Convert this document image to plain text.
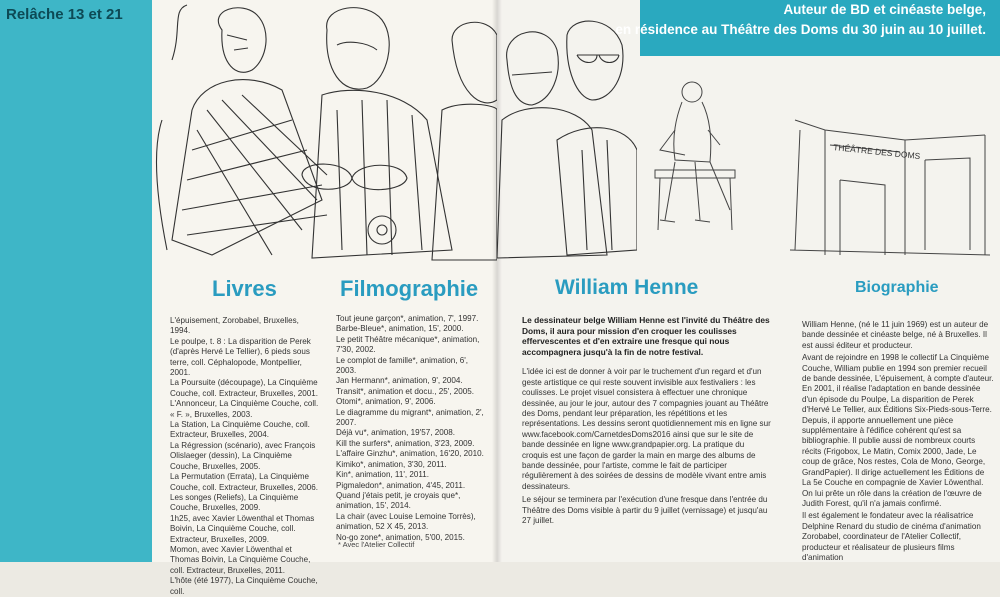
Relâche 13 et 21
THÉÂTRE DES DOMS
Auteur de BD et cinéaste belge,
en résidence au Théâtre des Doms du 30 juin au 10 juillet.
Livres
L'épuisement, Zorobabel, Bruxelles, 1994.
Le poulpe, t. 8 : La disparition de Perek (d'après Hervé Le Tellier), 6 pieds sous terre, coll. Céphalopode, Montpellier, 2001.
La Poursuite (découpage), La Cinquième Couche, coll. Extracteur, Bruxelles, 2001.
L'Annonceur, La Cinquième Couche, coll. « F. », Bruxelles, 2003.
La Station, La Cinquième Couche, coll. Extracteur, Bruxelles, 2004.
La Régression (scénario), avec François Olislaeger (dessin), La Cinquième Couche, Bruxelles, 2005.
La Permutation (Errata), La Cinquième Couche, coll. Extracteur, Bruxelles, 2006.
Les songes (Reliefs), La Cinquième Couche, Bruxelles, 2009.
1h25, avec Xavier Löwenthal et Thomas Boivin, La Cinquième Couche, coll. Extracteur, Bruxelles, 2009.
Momon, avec Xavier Löwenthal et Thomas Boivin, La Cinquième Couche, coll. Extracteur, Bruxelles, 2011.
L'hôte (été 1977), La Cinquième Couche, coll.
Filmographie
Tout jeune garçon*, animation, 7', 1997.
Barbe-Bleue*, animation, 15', 2000.
Le petit Théâtre mécanique*, animation, 7'30, 2002.
Le complot de famille*, animation, 6', 2003.
Jan Hermann*, animation, 9', 2004.
Transit*, animation et docu., 25', 2005.
Otomi*, animation, 9', 2006.
Le diagramme du migrant*, animation, 2', 2007.
Déjà vu*, animation, 19'57, 2008.
Kill the surfers*, animation, 3'23, 2009.
L'affaire Ginzhu*, animation, 16'20, 2010.
Kimiko*, animation, 3'30, 2011.
Kin*, animation, 11', 2011.
Pigmaledon*, animation, 4'45, 2011.
Quand j'étais petit, je croyais que*, animation, 15', 2014.
La chair (avec Louise Lemoine Torrès), animation, 52 X 45, 2013.
No-go zone*, animation, 5'00, 2015.
* Avec l'Atelier Collectif
William Henne

Le dessinateur belge William Henne est l'invité du Théâtre des Doms, il aura pour mission d'en croquer les coulisses effervescentes et d'en extraire une fresque qui nous accompagnera jusqu'à la fin de notre festival.

L'idée ici est de donner à voir par le truchement d'un regard et d'un geste artistique ce qui reste souvent invisible aux festivaliers : les coulisses. Le projet visuel consistera à effectuer une chronique dessinée, au jour le jour, autour des 7 compagnies jouant au Théâtre des Doms, pendant leur préparation, les répétitions et les représentations. Les dessins seront quotidiennement mis en ligne sur www.facebook.com/CarnetdesDoms2016 ainsi que sur le site de bande dessinée en ligne www.grandpapier.org. La pratique du croquis est une façon de garder la main en marge des albums de bande dessinée, pour l'artiste, comme le fait de participer régulièrement à des soirées de dessins de modèle vivant entre amis dessinateurs.

Le séjour se terminera par l'exécution d'une fresque dans l'entrée du Théâtre des Doms visible à partir du 9 juillet (vernissage) et jusqu'au 27 juillet.

Biographie

William Henne, (né le 11 juin 1969) est un auteur de bande dessinée et cinéaste belge, né à Bruxelles. Il est aussi éditeur et producteur.

Avant de rejoindre en 1998 le collectif La Cinquième Couche, William publie en 1994 son premier recueil de bande dessinée, L'épuisement, à compte d'auteur. En 2001, il réalise l'adaptation en bande dessinée d'un épisode du Poulpe, La disparition de Perek d'Hervé Le Tellier, aux Éditions Six-Pieds-sous-Terre. Depuis, il apporte annuellement une pièce supplémentaire à l'édifice cohérent qu'est sa bibliographie. Il publie aussi de nombreux courts récits (Frigobox, Le Matin, Comix 2000, Jade, Le coup de grâce, Nos restes, Cola de Mono, George, GrandPapier). Il dirige actuellement les Éditions de La 5e Couche en compagnie de Xavier Löwenthal. On lui prête un rôle dans la création de l'œuvre de Judith Forest, qu'il n'a jamais confirmé.

Il est également le fondateur avec la réalisatrice Delphine Renard du studio de cinéma d'animation Zorobabel, coordinateur de l'Atelier Collectif, producteur et réalisateur de plusieurs films d'animation
